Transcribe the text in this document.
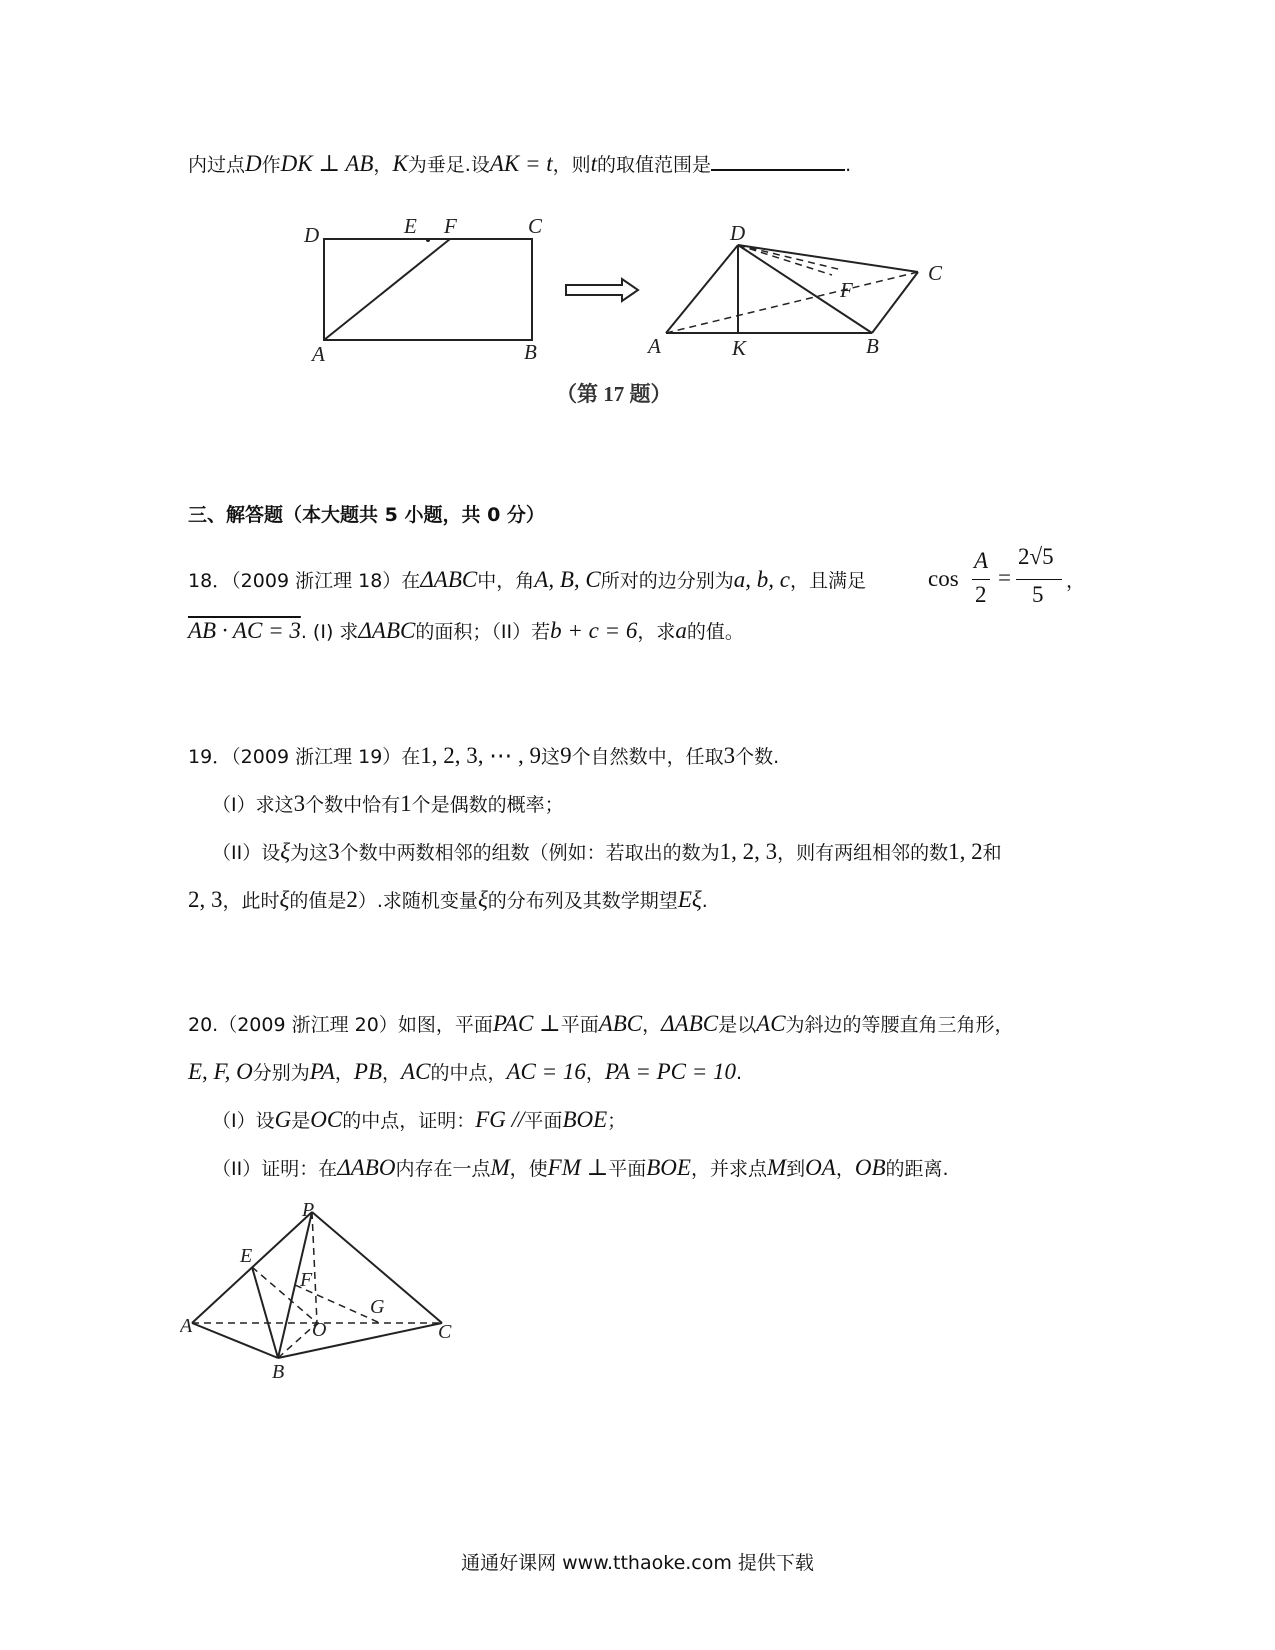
内过点D作DK ⊥ AB，K为垂足.设AK = t，则t的取值范围是	.
D	E F	C
A	B
D
C
F
A	K	B
（第 17 题）
三、解答题（本大题共 5 小题，共 0 分）
18．（2009 浙江理 18）在ΔABC中，角A, B, C所对的边分别为a, b, c，且满足	cos
A
2
=
2√5
5
，
AB · AC = 3. (I) 求ΔABC的面积；（II）若b + c = 6，求a的值。
19．（2009 浙江理 19）在1, 2, 3, ⋯ , 9这9个自然数中，任取3个数.
（I）求这3个数中恰有1个是偶数的概率；
（II）设ξ为这3个数中两数相邻的组数（例如：若取出的数为1, 2, 3，则有两组相邻的数1, 2和
2, 3，此时ξ的值是2）.求随机变量ξ的分布列及其数学期望Eξ.
20.（2009 浙江理 20）如图，平面PAC ⊥平面ABC，ΔABC是以AC为斜边的等腰直角三角形，
E, F, O分别为PA，PB，AC的中点，AC = 16，PA = PC = 10.
（I）设G是OC的中点，证明：FG //平面BOE；
（II）证明：在ΔABO内存在一点M，使FM ⊥平面BOE，并求点M到OA，OB的距离.
P
E
F
G
A	O	C
B
通通好课网 www.tthaoke.com 提供下载
